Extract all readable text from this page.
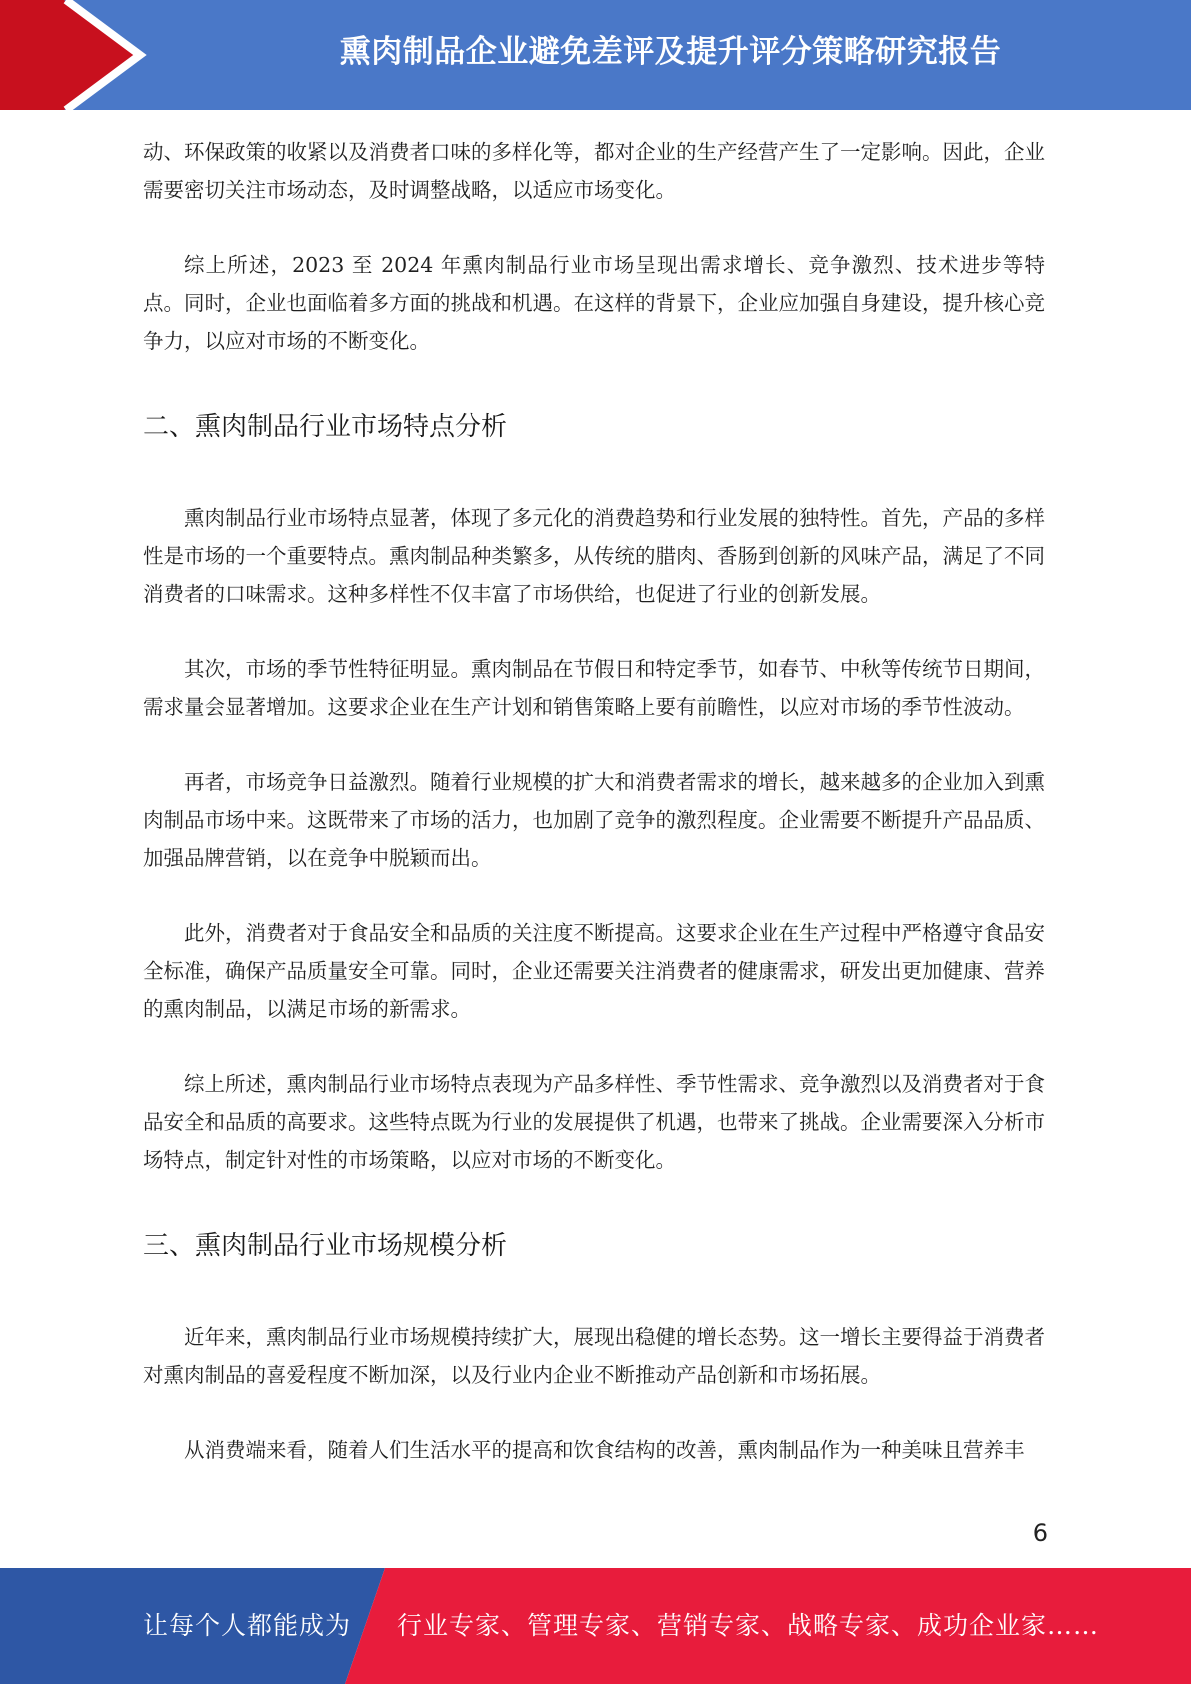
熏肉制品企业避免差评及提升评分策略研究报告

动、环保政策的收紧以及消费者口味的多样化等，都对企业的生产经营产生了一定影响。因此，企业需要密切关注市场动态，及时调整战略，以适应市场变化。

综上所述，2023 至 2024 年熏肉制品行业市场呈现出需求增长、竞争激烈、技术进步等特点。同时，企业也面临着多方面的挑战和机遇。在这样的背景下，企业应加强自身建设，提升核心竞争力，以应对市场的不断变化。

二、熏肉制品行业市场特点分析

熏肉制品行业市场特点显著，体现了多元化的消费趋势和行业发展的独特性。首先，产品的多样性是市场的一个重要特点。熏肉制品种类繁多，从传统的腊肉、香肠到创新的风味产品，满足了不同消费者的口味需求。这种多样性不仅丰富了市场供给，也促进了行业的创新发展。

其次，市场的季节性特征明显。熏肉制品在节假日和特定季节，如春节、中秋等传统节日期间，需求量会显著增加。这要求企业在生产计划和销售策略上要有前瞻性，以应对市场的季节性波动。

再者，市场竞争日益激烈。随着行业规模的扩大和消费者需求的增长，越来越多的企业加入到熏肉制品市场中来。这既带来了市场的活力，也加剧了竞争的激烈程度。企业需要不断提升产品品质、加强品牌营销，以在竞争中脱颖而出。

此外，消费者对于食品安全和品质的关注度不断提高。这要求企业在生产过程中严格遵守食品安全标准，确保产品质量安全可靠。同时，企业还需要关注消费者的健康需求，研发出更加健康、营养的熏肉制品，以满足市场的新需求。

综上所述，熏肉制品行业市场特点表现为产品多样性、季节性需求、竞争激烈以及消费者对于食品安全和品质的高要求。这些特点既为行业的发展提供了机遇，也带来了挑战。企业需要深入分析市场特点，制定针对性的市场策略，以应对市场的不断变化。

三、熏肉制品行业市场规模分析

近年来，熏肉制品行业市场规模持续扩大，展现出稳健的增长态势。这一增长主要得益于消费者对熏肉制品的喜爱程度不断加深，以及行业内企业不断推动产品创新和市场拓展。

从消费端来看，随着人们生活水平的提高和饮食结构的改善，熏肉制品作为一种美味且营养丰

6
让每个人都能成为 行业专家、管理专家、营销专家、战略专家、成功企业家……
